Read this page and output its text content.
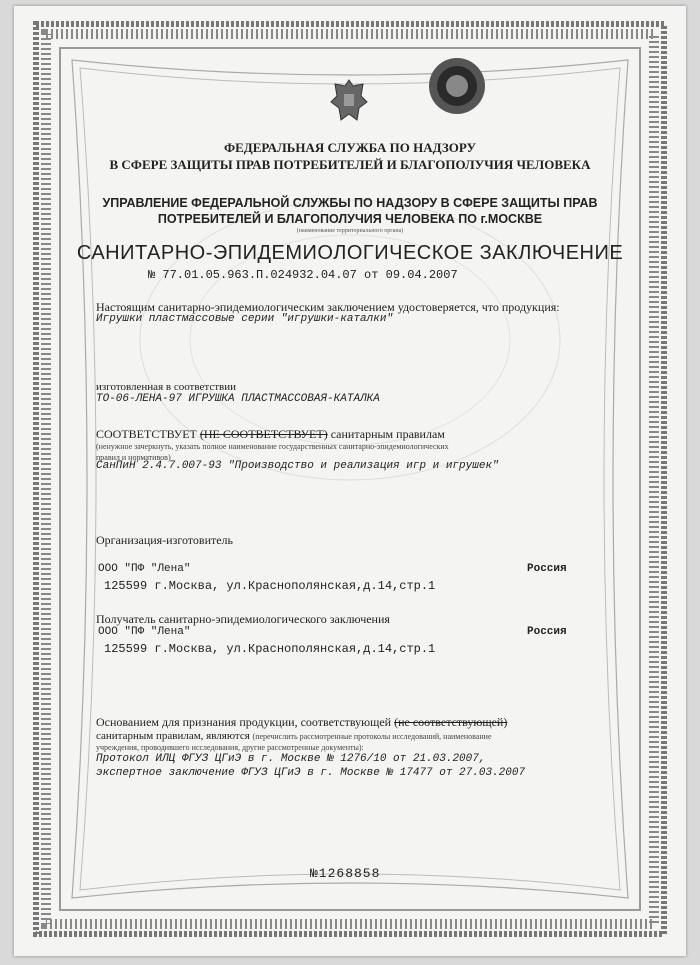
ФЕДЕРАЛЬНАЯ СЛУЖБА ПО НАДЗОРУ
В СФЕРЕ ЗАЩИТЫ ПРАВ ПОТРЕБИТЕЛЕЙ И БЛАГОПОЛУЧИЯ ЧЕЛОВЕКА
УПРАВЛЕНИЕ ФЕДЕРАЛЬНОЙ СЛУЖБЫ ПО НАДЗОРУ В СФЕРЕ ЗАЩИТЫ ПРАВ
ПОТРЕБИТЕЛЕЙ И БЛАГОПОЛУЧИЯ ЧЕЛОВЕКА ПО г.МОСКВЕ
(наименование территориального органа)
САНИТАРНО-ЭПИДЕМИОЛОГИЧЕСКОЕ ЗАКЛЮЧЕНИЕ
№ 77.01.05.963.П.024932.04.07 от 09.04.2007
Настоящим санитарно-эпидемиологическим заключением удостоверяется, что продукция:
Игрушки пластмассовые серии "игрушки-каталки"
изготовленная в соответствии
ТО-06-ЛЕНА-97 ИГРУШКА ПЛАСТМАССОВАЯ-КАТАЛКА
СООТВЕТСТВУЕТ (НЕ СООТВЕТСТВУЕТ) санитарным правилам
(ненужное зачеркнуть, указать полное наименование государственных санитарно-эпидемиологических
правил и нормативов)
СанПиН 2.4.7.007-93 "Производство и реализация игр и игрушек"
Организация-изготовитель
ООО "ПФ "Лена"	Россия
125599 г.Москва, ул.Краснополянская,д.14,стр.1
Получатель санитарно-эпидемиологического заключения
ООО "ПФ "Лена"	Россия
125599 г.Москва, ул.Краснополянская,д.14,стр.1
Основанием для признания продукции, соответствующей (не соответствующей)
санитарным правилам, являются (перечислить рассмотренные протоколы исследований, наименование
учреждения, проводившего исследования, другие рассмотренные документы):
Протокол ИЛЦ ФГУЗ ЦГиЭ в г. Москве № 1276/10 от 21.03.2007,
экспертное заключение ФГУЗ ЦГиЭ в г. Москве № 17477 от 27.03.2007
№1268858
